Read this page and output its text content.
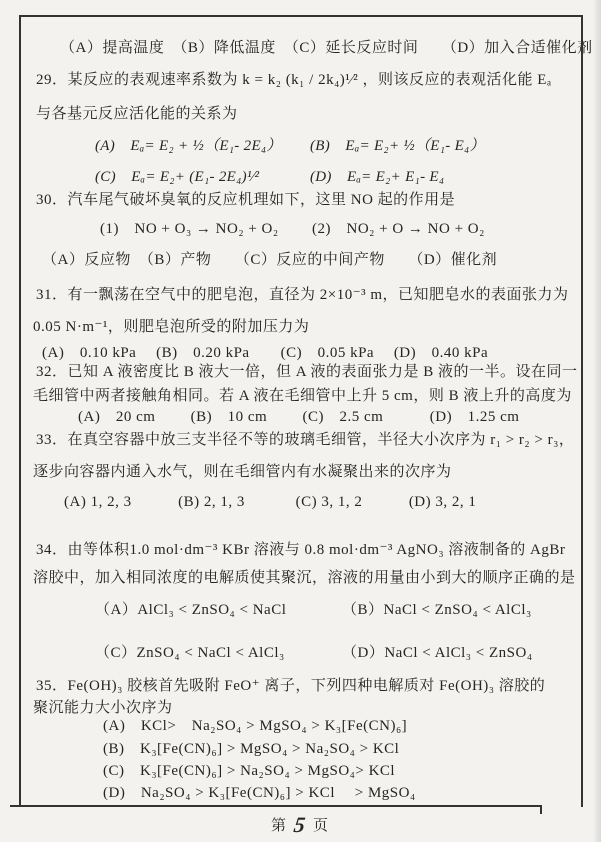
（A）提高温度　（B）降低温度　（C）延长反应时间　　（D）加入合适催化剂
29．某反应的表观速率系数为 k = k₂ (k₁ / 2k₄)¹⁄² ，则该反应的表观活化能 Eₐ
与各基元反应活化能的关系为
(A)　Eₐ= E₂ + ½（E₁- 2E₄） (B)　Eₐ= E₂+ ½（E₁- E₄）
(C)　Eₐ= E₂+ (E₁- 2E₄)¹⁄²	(D)　Eₐ= E₂+ E₁- E₄
30．汽车尾气破坏臭氧的反应机理如下，这里 NO 起的作用是
(1)　NO + O₃ → NO₂ + O₂ (2)　NO₂ + O → NO + O₂
（A）反应物　（B）产物　　（C）反应的中间产物　　（D）催化剂
31．有一飘荡在空气中的肥皂泡，直径为 2×10⁻³ m，已知肥皂水的表面张力为
0.05 N·m⁻¹，则肥皂泡所受的附加压力为
(A)　0.10 kPa　 (B)　0.20 kPa　　(C)　0.05 kPa　 (D)　0.40 kPa
32．已知 A 液密度比 B 液大一倍，但 A 液的表面张力是 B 液的一半。设在同一
毛细管中两者接触角相同。若 A 液在毛细管中上升 5 cm，则 B 液上升的高度为
(A)　20 cm　　 (B)　10 cm　　 (C)　2.5 cm　　　(D)　1.25 cm
33．在真空容器中放三支半径不等的玻璃毛细管，半径大小次序为 r₁ > r₂ > r₃，
逐步向容器内通入水气，则在毛细管内有水凝聚出来的次序为
(A) 1, 2, 3　　　(B) 2, 1, 3　　　 (C) 3, 1, 2　　　(D) 3, 2, 1
34．由等体积1.0 mol·dm⁻³ KBr 溶液与 0.8 mol·dm⁻³ AgNO₃ 溶液制备的 AgBr
溶胶中，加入相同浓度的电解质使其聚沉，溶液的用量由小到大的顺序正确的是
（A）AlCl₃ < ZnSO₄ < NaCl	（B）NaCl < ZnSO₄ < AlCl₃
（C）ZnSO₄ < NaCl < AlCl₃	（D）NaCl < AlCl₃ < ZnSO₄
35．Fe(OH)₃ 胶核首先吸附 FeO⁺ 离子，下列四种电解质对 Fe(OH)₃ 溶胶的
聚沉能力大小次序为
(A)　KCl>　Na₂SO₄ > MgSO₄ > K₃[Fe(CN)₆]
(B)　K₃[Fe(CN)₆] > MgSO₄ > Na₂SO₄ > KCl
(C)　K₃[Fe(CN)₆] > Na₂SO₄ > MgSO₄> KCl
(D)　Na₂SO₄ > K₃[Fe(CN)₆] > KCl 　> MgSO₄
第 5 页
